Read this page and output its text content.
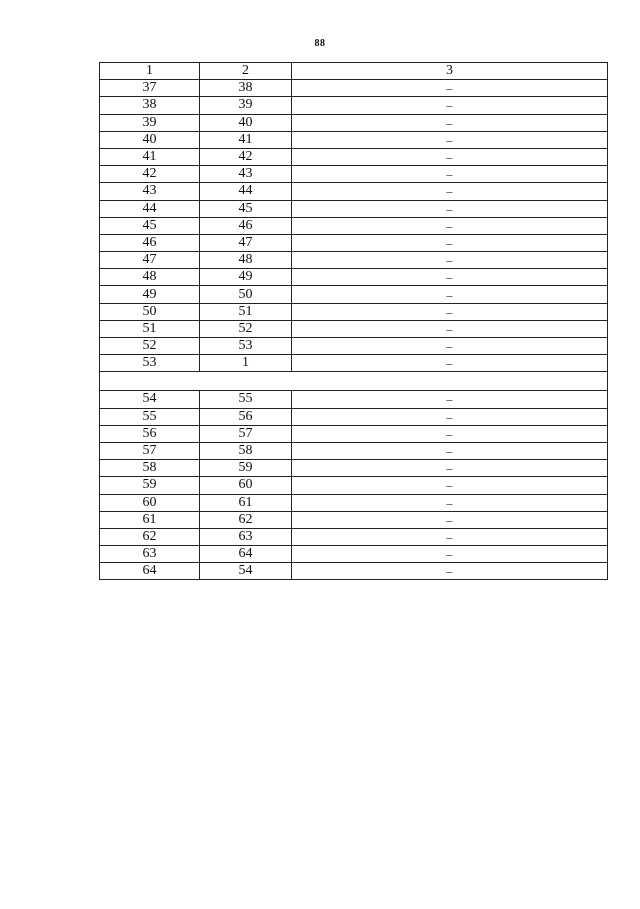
88
1	2	3
37	38	–
38	39	–
39	40	–
40	41	–
41	42	–
42	43	–
43	44	–
44	45	–
45	46	–
46	47	–
47	48	–
48	49	–
49	50	–
50	51	–
51	52	–
52	53	–
53	1	–

54	55	–
55	56	–
56	57	–
57	58	–
58	59	–
59	60	–
60	61	–
61	62	–
62	63	–
63	64	–
64	54	–
